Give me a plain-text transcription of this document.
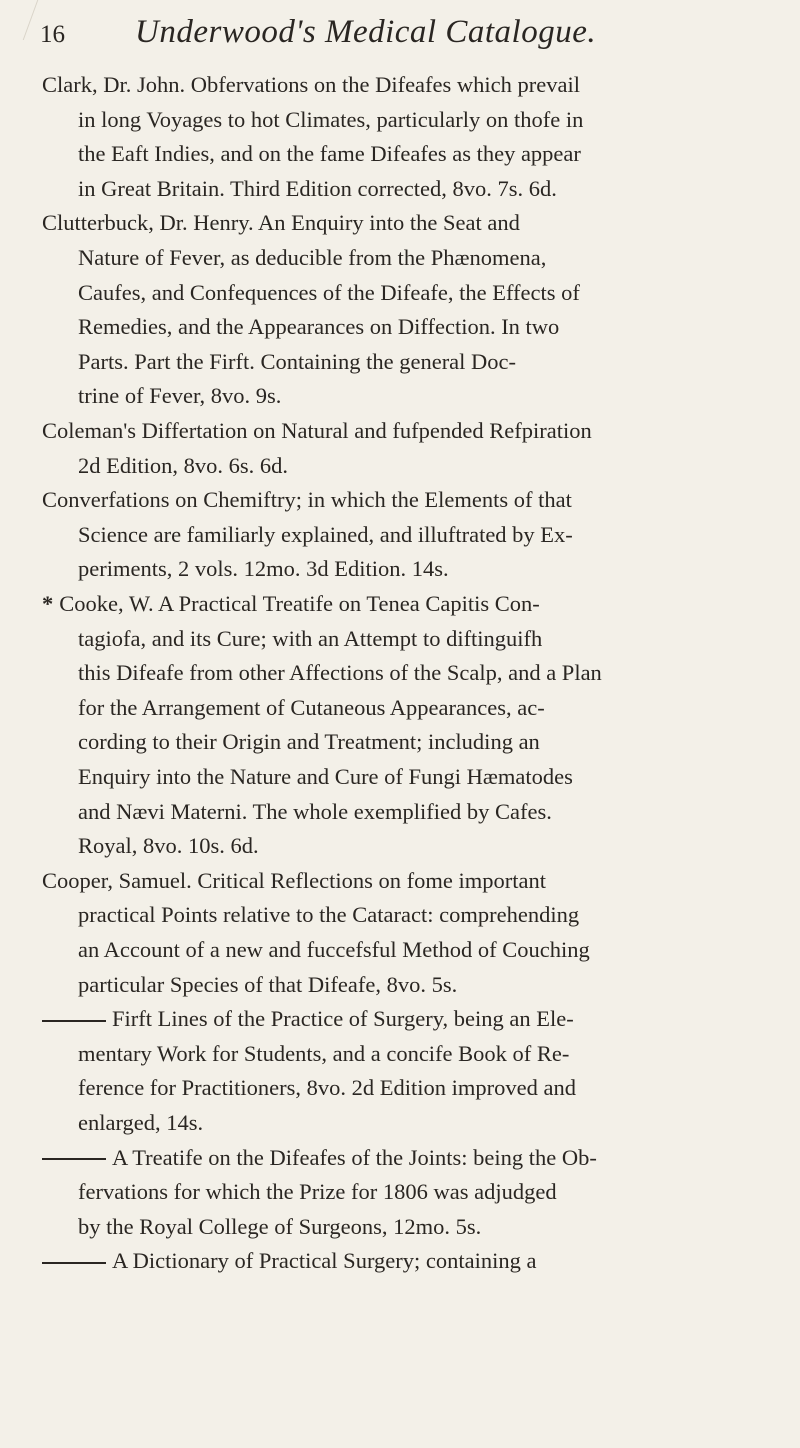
16	Underwood's Medical Catalogue.
Clark, Dr. John. Obfervations on the Difeafes which prevail
in long Voyages to hot Climates, particularly on thofe in
the Eaft Indies, and on the fame Difeafes as they appear
in Great Britain. Third Edition corrected, 8vo. 7s. 6d.
Clutterbuck, Dr. Henry. An Enquiry into the Seat and
Nature of Fever, as deducible from the Phænomena,
Caufes, and Confequences of the Difeafe, the Effects of
Remedies, and the Appearances on Diffection. In two
Parts. Part the Firft. Containing the general Doc-
trine of Fever, 8vo. 9s.
Coleman's Differtation on Natural and fufpended Refpiration
2d Edition, 8vo. 6s. 6d.
Converfations on Chemiftry; in which the Elements of that
Science are familiarly explained, and illuftrated by Ex-
periments, 2 vols. 12mo. 3d Edition. 14s.
* Cooke, W. A Practical Treatife on Tenea Capitis Con-
tagiofa, and its Cure; with an Attempt to diftinguifh
this Difeafe from other Affections of the Scalp, and a Plan
for the Arrangement of Cutaneous Appearances, ac-
cording to their Origin and Treatment; including an
Enquiry into the Nature and Cure of Fungi Hæmatodes
and Nævi Materni. The whole exemplified by Cafes.
Royal, 8vo. 10s. 6d.
Cooper, Samuel. Critical Reflections on fome important
practical Points relative to the Cataract: comprehending
an Account of a new and fuccefsful Method of Couching
particular Species of that Difeafe, 8vo. 5s.
Firft Lines of the Practice of Surgery, being an Ele-
mentary Work for Students, and a concife Book of Re-
ference for Practitioners, 8vo. 2d Edition improved and
enlarged, 14s.
A Treatife on the Difeafes of the Joints: being the Ob-
fervations for which the Prize for 1806 was adjudged
by the Royal College of Surgeons, 12mo. 5s.
A Dictionary of Practical Surgery; containing a
